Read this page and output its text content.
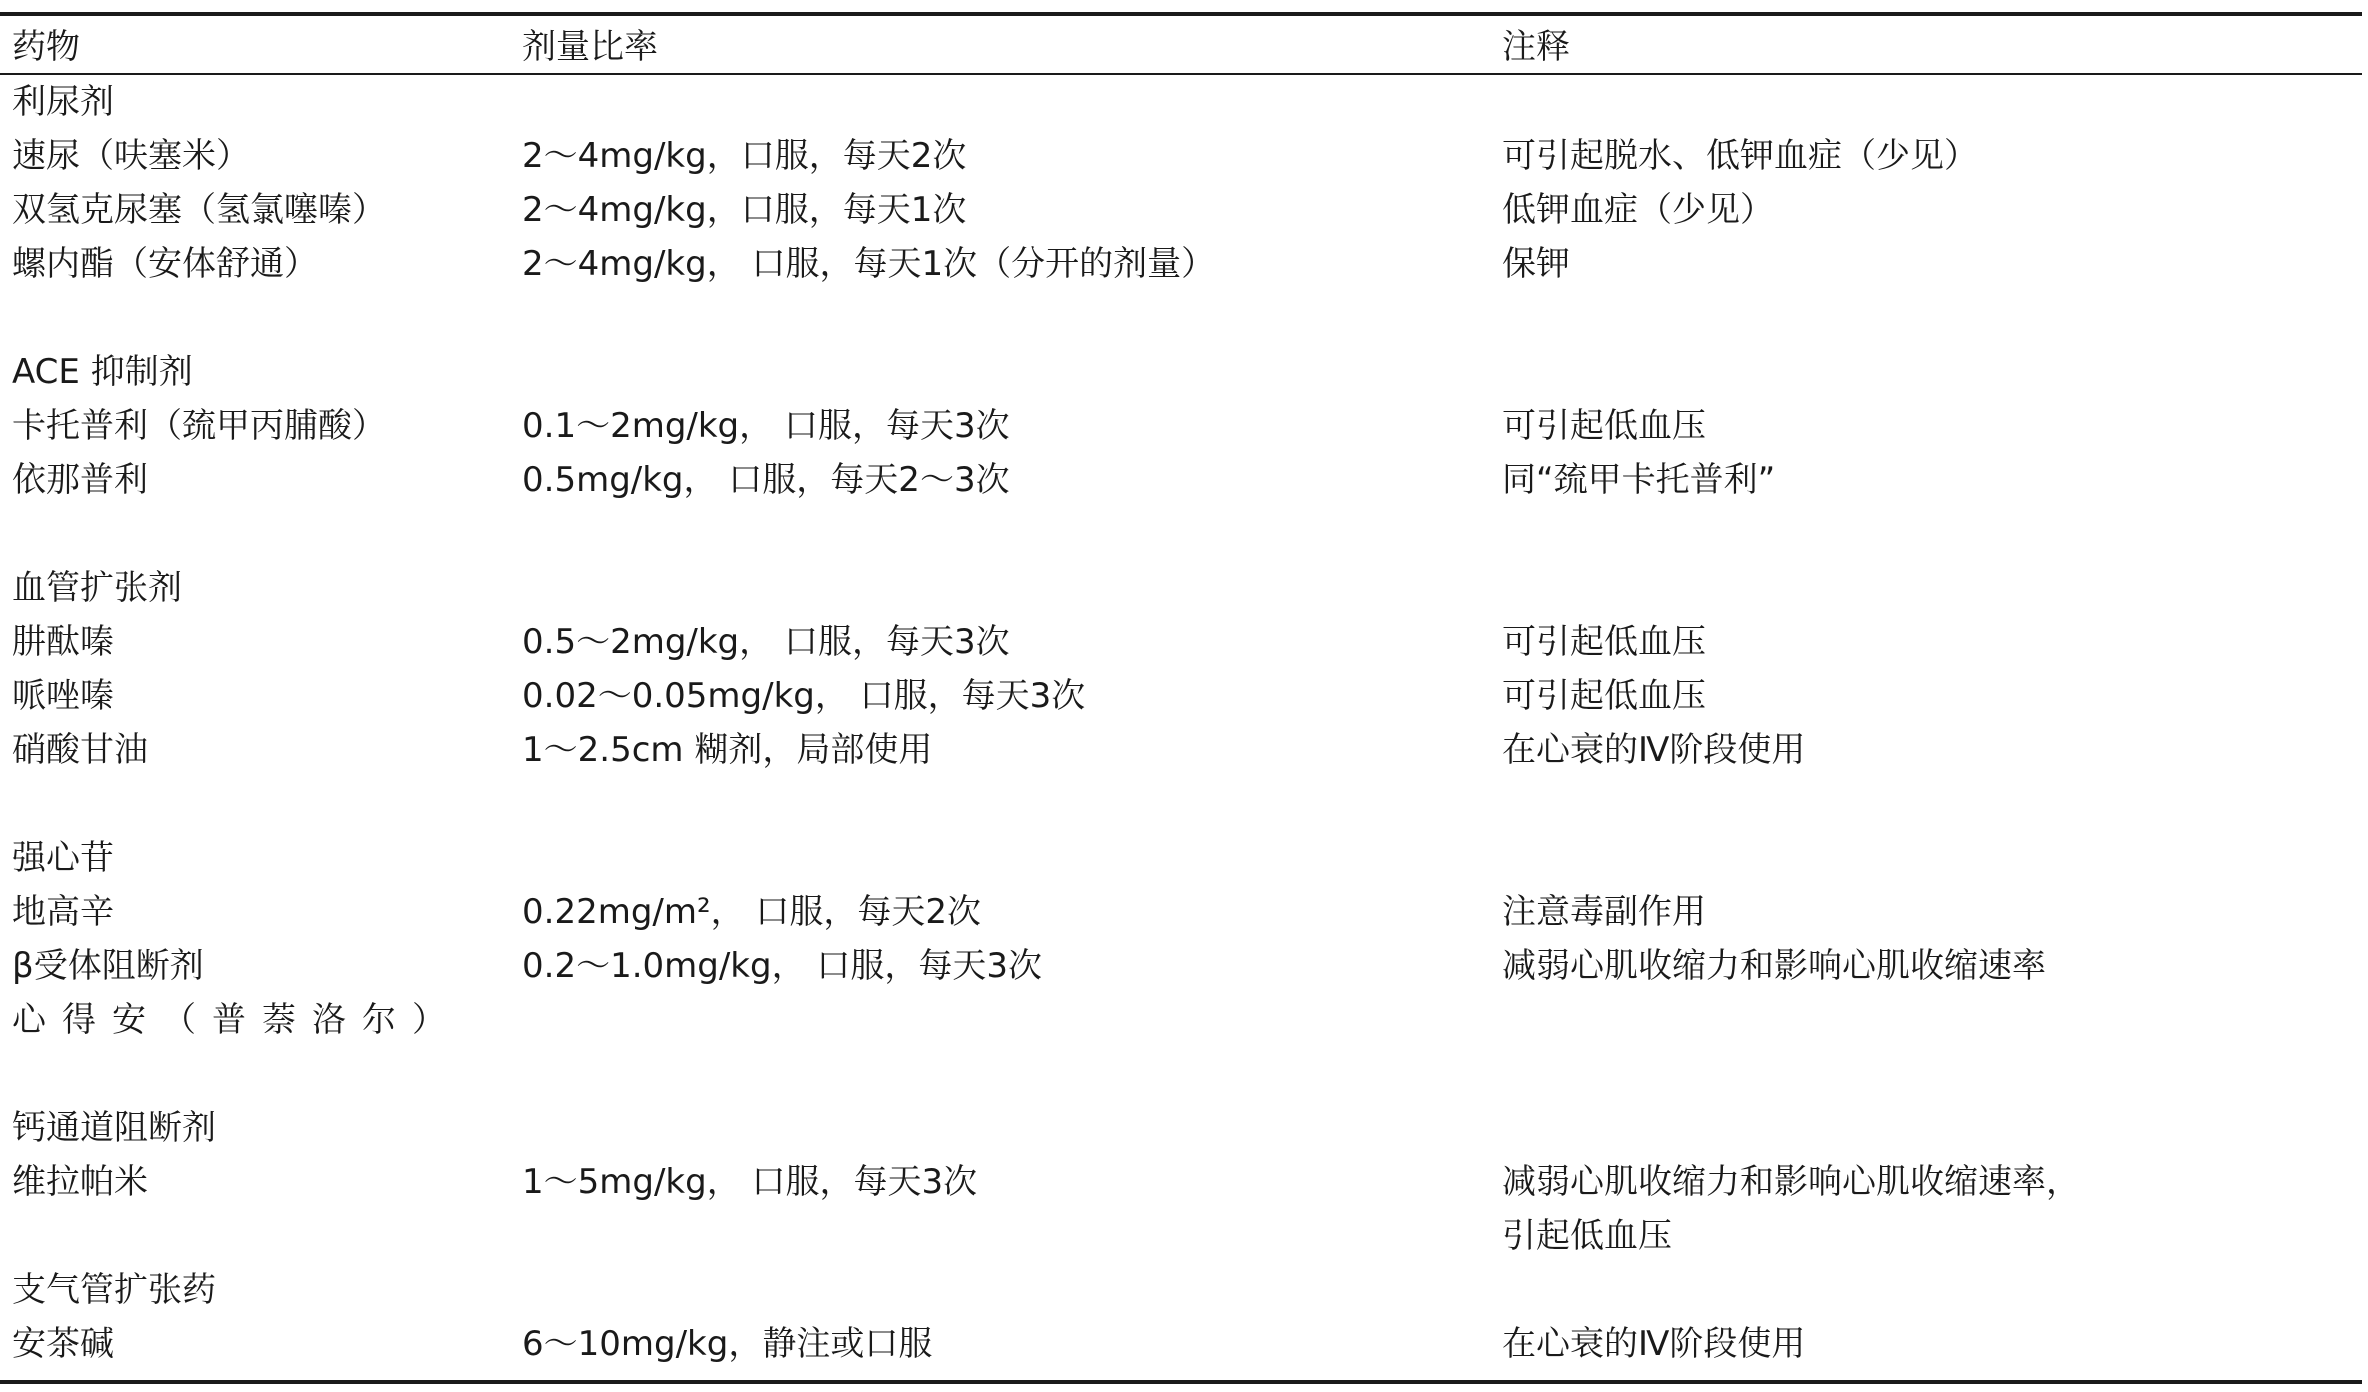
药物	剂量比率	注释
利尿剂
速尿（呋塞米）	2～4mg/kg，口服，每天2次	可引起脱水、低钾血症（少见）
双氢克尿塞（氢氯噻嗪）	2～4mg/kg，口服，每天1次	低钾血症（少见）
螺内酯（安体舒通）	2～4mg/kg， 口服，每天1次（分开的剂量）	保钾
ACE 抑制剂
卡托普利（巯甲丙脯酸）	0.1～2mg/kg， 口服，每天3次	可引起低血压
依那普利	0.5mg/kg， 口服，每天2～3次	同“巯甲卡托普利”
血管扩张剂
肼酞嗪	0.5～2mg/kg， 口服，每天3次	可引起低血压
哌唑嗪	0.02～0.05mg/kg， 口服，每天3次	可引起低血压
硝酸甘油	1～2.5cm 糊剂，局部使用	在心衰的Ⅳ阶段使用
强心苷
地高辛	0.22mg/m²， 口服，每天2次	注意毒副作用
β受体阻断剂	0.2～1.0mg/kg， 口服，每天3次	减弱心肌收缩力和影响心肌收缩速率
心得安（普萘洛尔）
钙通道阻断剂
维拉帕米	1～5mg/kg， 口服，每天3次	减弱心肌收缩力和影响心肌收缩速率，
引起低血压
支气管扩张药
安茶碱	6～10mg/kg，静注或口服	在心衰的Ⅳ阶段使用
